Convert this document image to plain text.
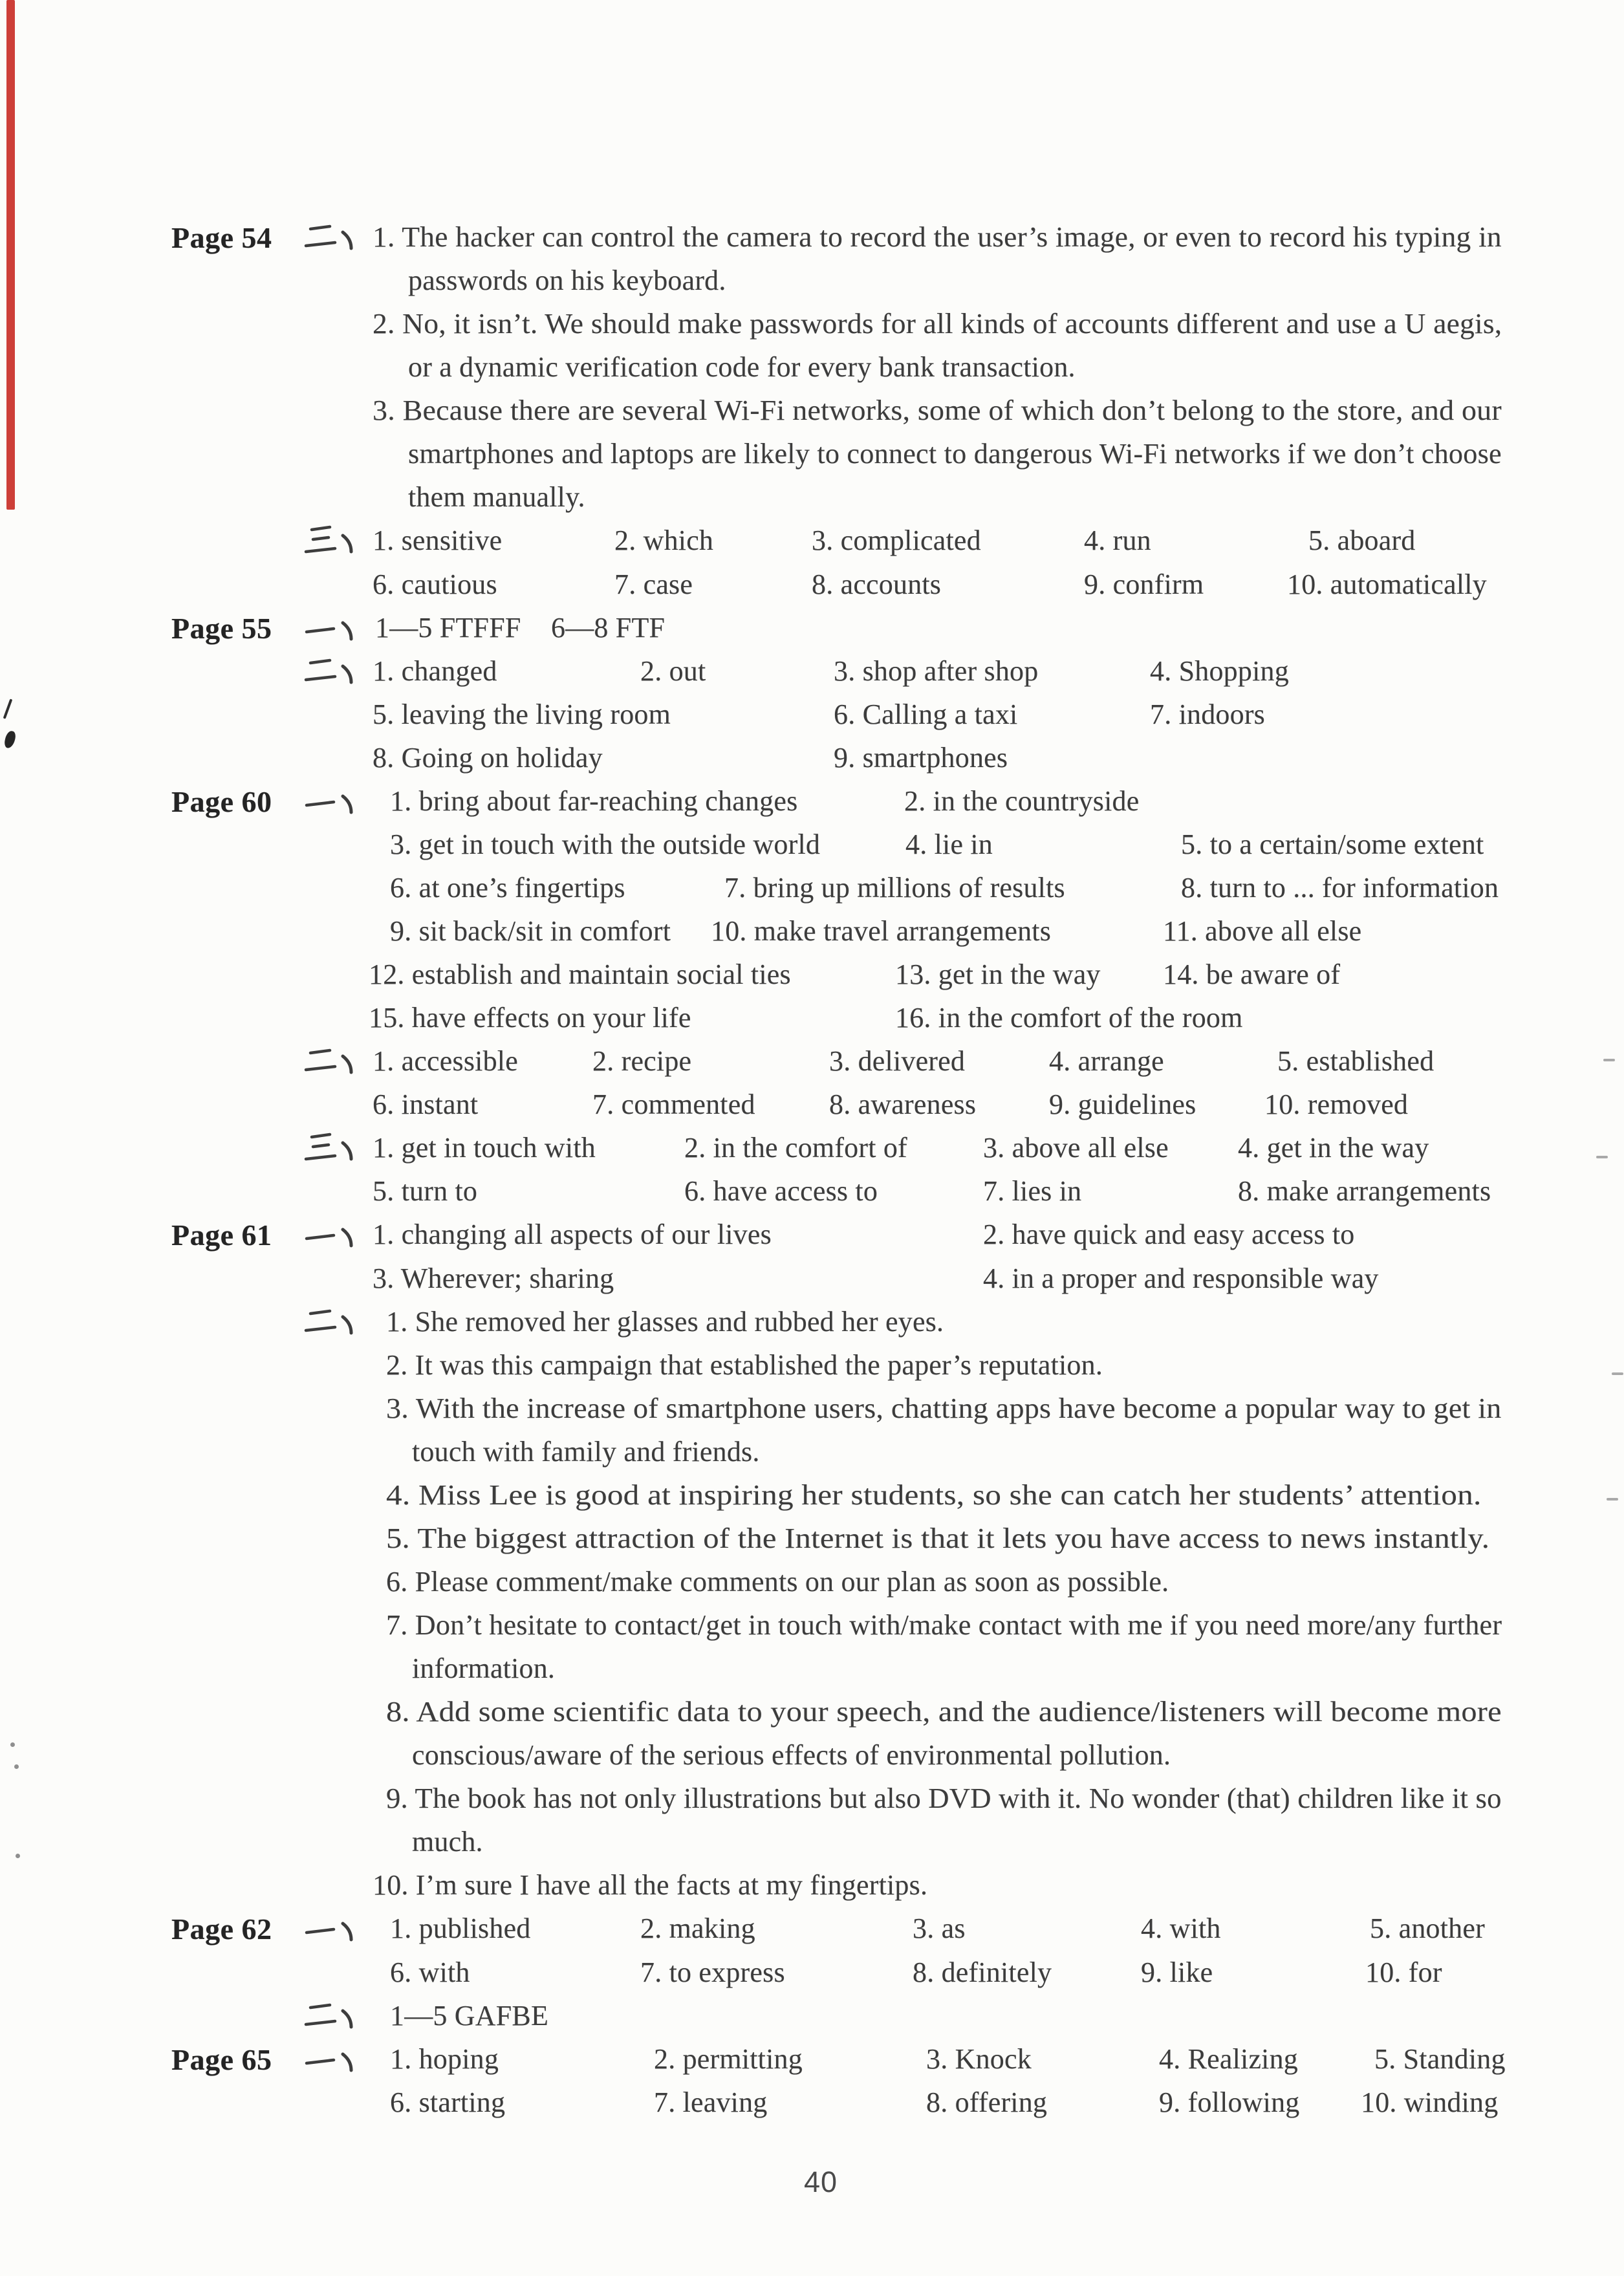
40
Page 54	1. The hacker can control the camera to record the user’s image, or even to record his typing in
passwords on his keyboard.
2. No, it isn’t. We should make passwords for all kinds of accounts different and use a U aegis,
or a dynamic verification code for every bank transaction.
3. Because there are several Wi-Fi networks, some of which don’t belong to the store, and our
smartphones and laptops are likely to connect to dangerous Wi-Fi networks if we don’t choose
them manually.
1. sensitive	2. which	3. complicated	4. run	5. aboard
6. cautious	7. case	8. accounts	9. confirm	10. automatically
Page 55	1—5 FTFFF 6—8 FTF
1. changed	2. out	3. shop after shop	4. Shopping
5. leaving the living room	6. Calling a taxi	7. indoors
8. Going on holiday	9. smartphones
Page 60	1. bring about far-reaching changes	2. in the countryside
3. get in touch with the outside world	4. lie in	5. to a certain/some extent
6. at one’s fingertips	7. bring up millions of results	8. turn to ... for information
9. sit back/sit in comfort 10. make travel arrangements	11. above all else
12. establish and maintain social ties	13. get in the way 14. be aware of
15. have effects on your life	16. in the comfort of the room
1. accessible	2. recipe	3. delivered	4. arrange	5. established
6. instant	7. commented	8. awareness	9. guidelines 10. removed
1. get in touch with	2. in the comfort of	3. above all else 4. get in the way
5. turn to	6. have access to	7. lies in	8. make arrangements
Page 61	1. changing all aspects of our lives	2. have quick and easy access to
3. Wherever; sharing	4. in a proper and responsible way
1. She removed her glasses and rubbed her eyes.
2. It was this campaign that established the paper’s reputation.
3. With the increase of smartphone users, chatting apps have become a popular way to get in
touch with family and friends.
4. Miss Lee is good at inspiring her students, so she can catch her students’ attention.
5. The biggest attraction of the Internet is that it lets you have access to news instantly.
6. Please comment/make comments on our plan as soon as possible.
7. Don’t hesitate to contact/get in touch with/make contact with me if you need more/any further
information.
8. Add some scientific data to your speech, and the audience/listeners will become more
conscious/aware of the serious effects of environmental pollution.
9. The book has not only illustrations but also DVD with it. No wonder (that) children like it so
much.
10. I’m sure I have all the facts at my fingertips.
Page 62	1. published	2. making	3. as	4. with	5. another
6. with	7. to express	8. definitely	9. like	10. for
1—5 GAFBE
Page 65	1. hoping	2. permitting	3. Knock	4. Realizing	5. Standing
6. starting	7. leaving	8. offering	9. following 10. winding
